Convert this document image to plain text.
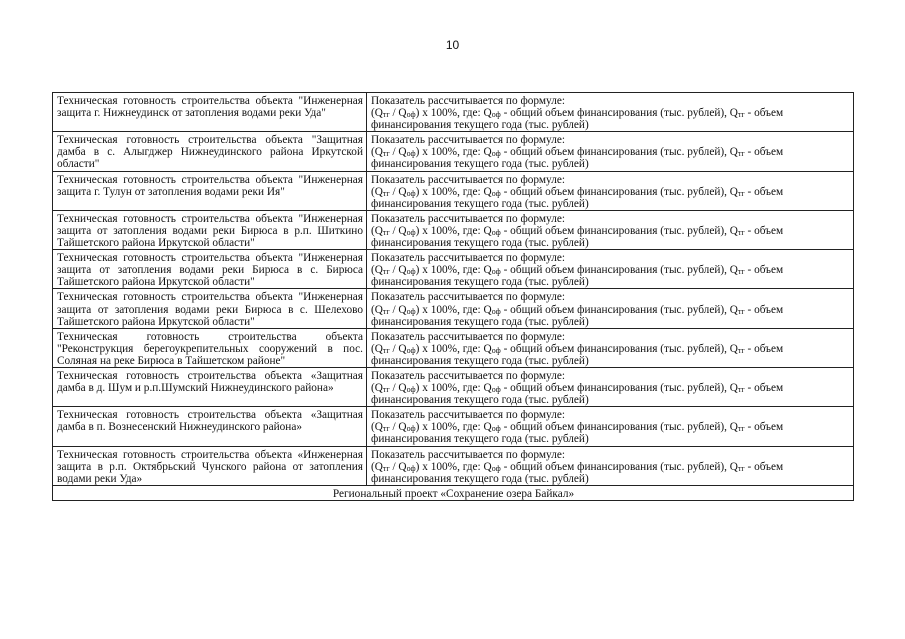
10
Техническая готовность строительства объекта "Инженерная защита г. Нижнеудинск от затопления водами реки Уда"	Показатель рассчитывается по формуле:
(Qтг / Qоф) x 100%, где: Qоф - общий объем финансирования (тыс. рублей), Qтг - объем
финансирования текущего года (тыс. рублей)

Техническая готовность строительства объекта "Защитная дамба в с. Алыгджер Нижнеудинского района Иркутской области"	Показатель рассчитывается по формуле:
(Qтг / Qоф) x 100%, где: Qоф - общий объем финансирования (тыс. рублей), Qтг - объем
финансирования текущего года (тыс. рублей)

Техническая готовность строительства объекта "Инженерная защита г. Тулун от затопления водами реки Ия"	Показатель рассчитывается по формуле:
(Qтг / Qоф) x 100%, где: Qоф - общий объем финансирования (тыс. рублей), Qтг - объем
финансирования текущего года (тыс. рублей)

Техническая готовность строительства объекта "Инженерная защита от затопления водами реки Бирюса в р.п. Шиткино Тайшетского района Иркутской области"	Показатель рассчитывается по формуле:
(Qтг / Qоф) x 100%, где: Qоф - общий объем финансирования (тыс. рублей), Qтг - объем
финансирования текущего года (тыс. рублей)

Техническая готовность строительства объекта "Инженерная защита от затопления водами реки Бирюса в с. Бирюса Тайшетского района Иркутской области"	Показатель рассчитывается по формуле:
(Qтг / Qоф) x 100%, где: Qоф - общий объем финансирования (тыс. рублей), Qтг - объем
финансирования текущего года (тыс. рублей)

Техническая готовность строительства объекта "Инженерная защита от затопления водами реки Бирюса в с. Шелехово Тайшетского района Иркутской области"	Показатель рассчитывается по формуле:
(Qтг / Qоф) x 100%, где: Qоф - общий объем финансирования (тыс. рублей), Qтг - объем
финансирования текущего года (тыс. рублей)

Техническая готовность строительства объекта "Реконструкция берегоукрепительных сооружений в пос. Соляная на реке Бирюса в Тайшетском районе"	Показатель рассчитывается по формуле:
(Qтг / Qоф) x 100%, где: Qоф - общий объем финансирования (тыс. рублей), Qтг - объем
финансирования текущего года (тыс. рублей)

Техническая готовность строительства объекта «Защитная дамба в д. Шум и р.п.Шумский Нижнеудинского района»	Показатель рассчитывается по формуле:
(Qтг / Qоф) x 100%, где: Qоф - общий объем финансирования (тыс. рублей), Qтг - объем
финансирования текущего года (тыс. рублей)

Техническая готовность строительства объекта «Защитная дамба в п. Вознесенский Нижнеудинского района»	Показатель рассчитывается по формуле:
(Qтг / Qоф) x 100%, где: Qоф - общий объем финансирования (тыс. рублей), Qтг - объем
финансирования текущего года (тыс. рублей)

Техническая готовность строительства объекта «Инженерная защита в р.п. Октябрьский Чунского района от затопления водами реки Уда»	Показатель рассчитывается по формуле:
(Qтг / Qоф) x 100%, где: Qоф - общий объем финансирования (тыс. рублей), Qтг - объем
финансирования текущего года (тыс. рублей)

Региональный проект «Сохранение озера Байкал»	
